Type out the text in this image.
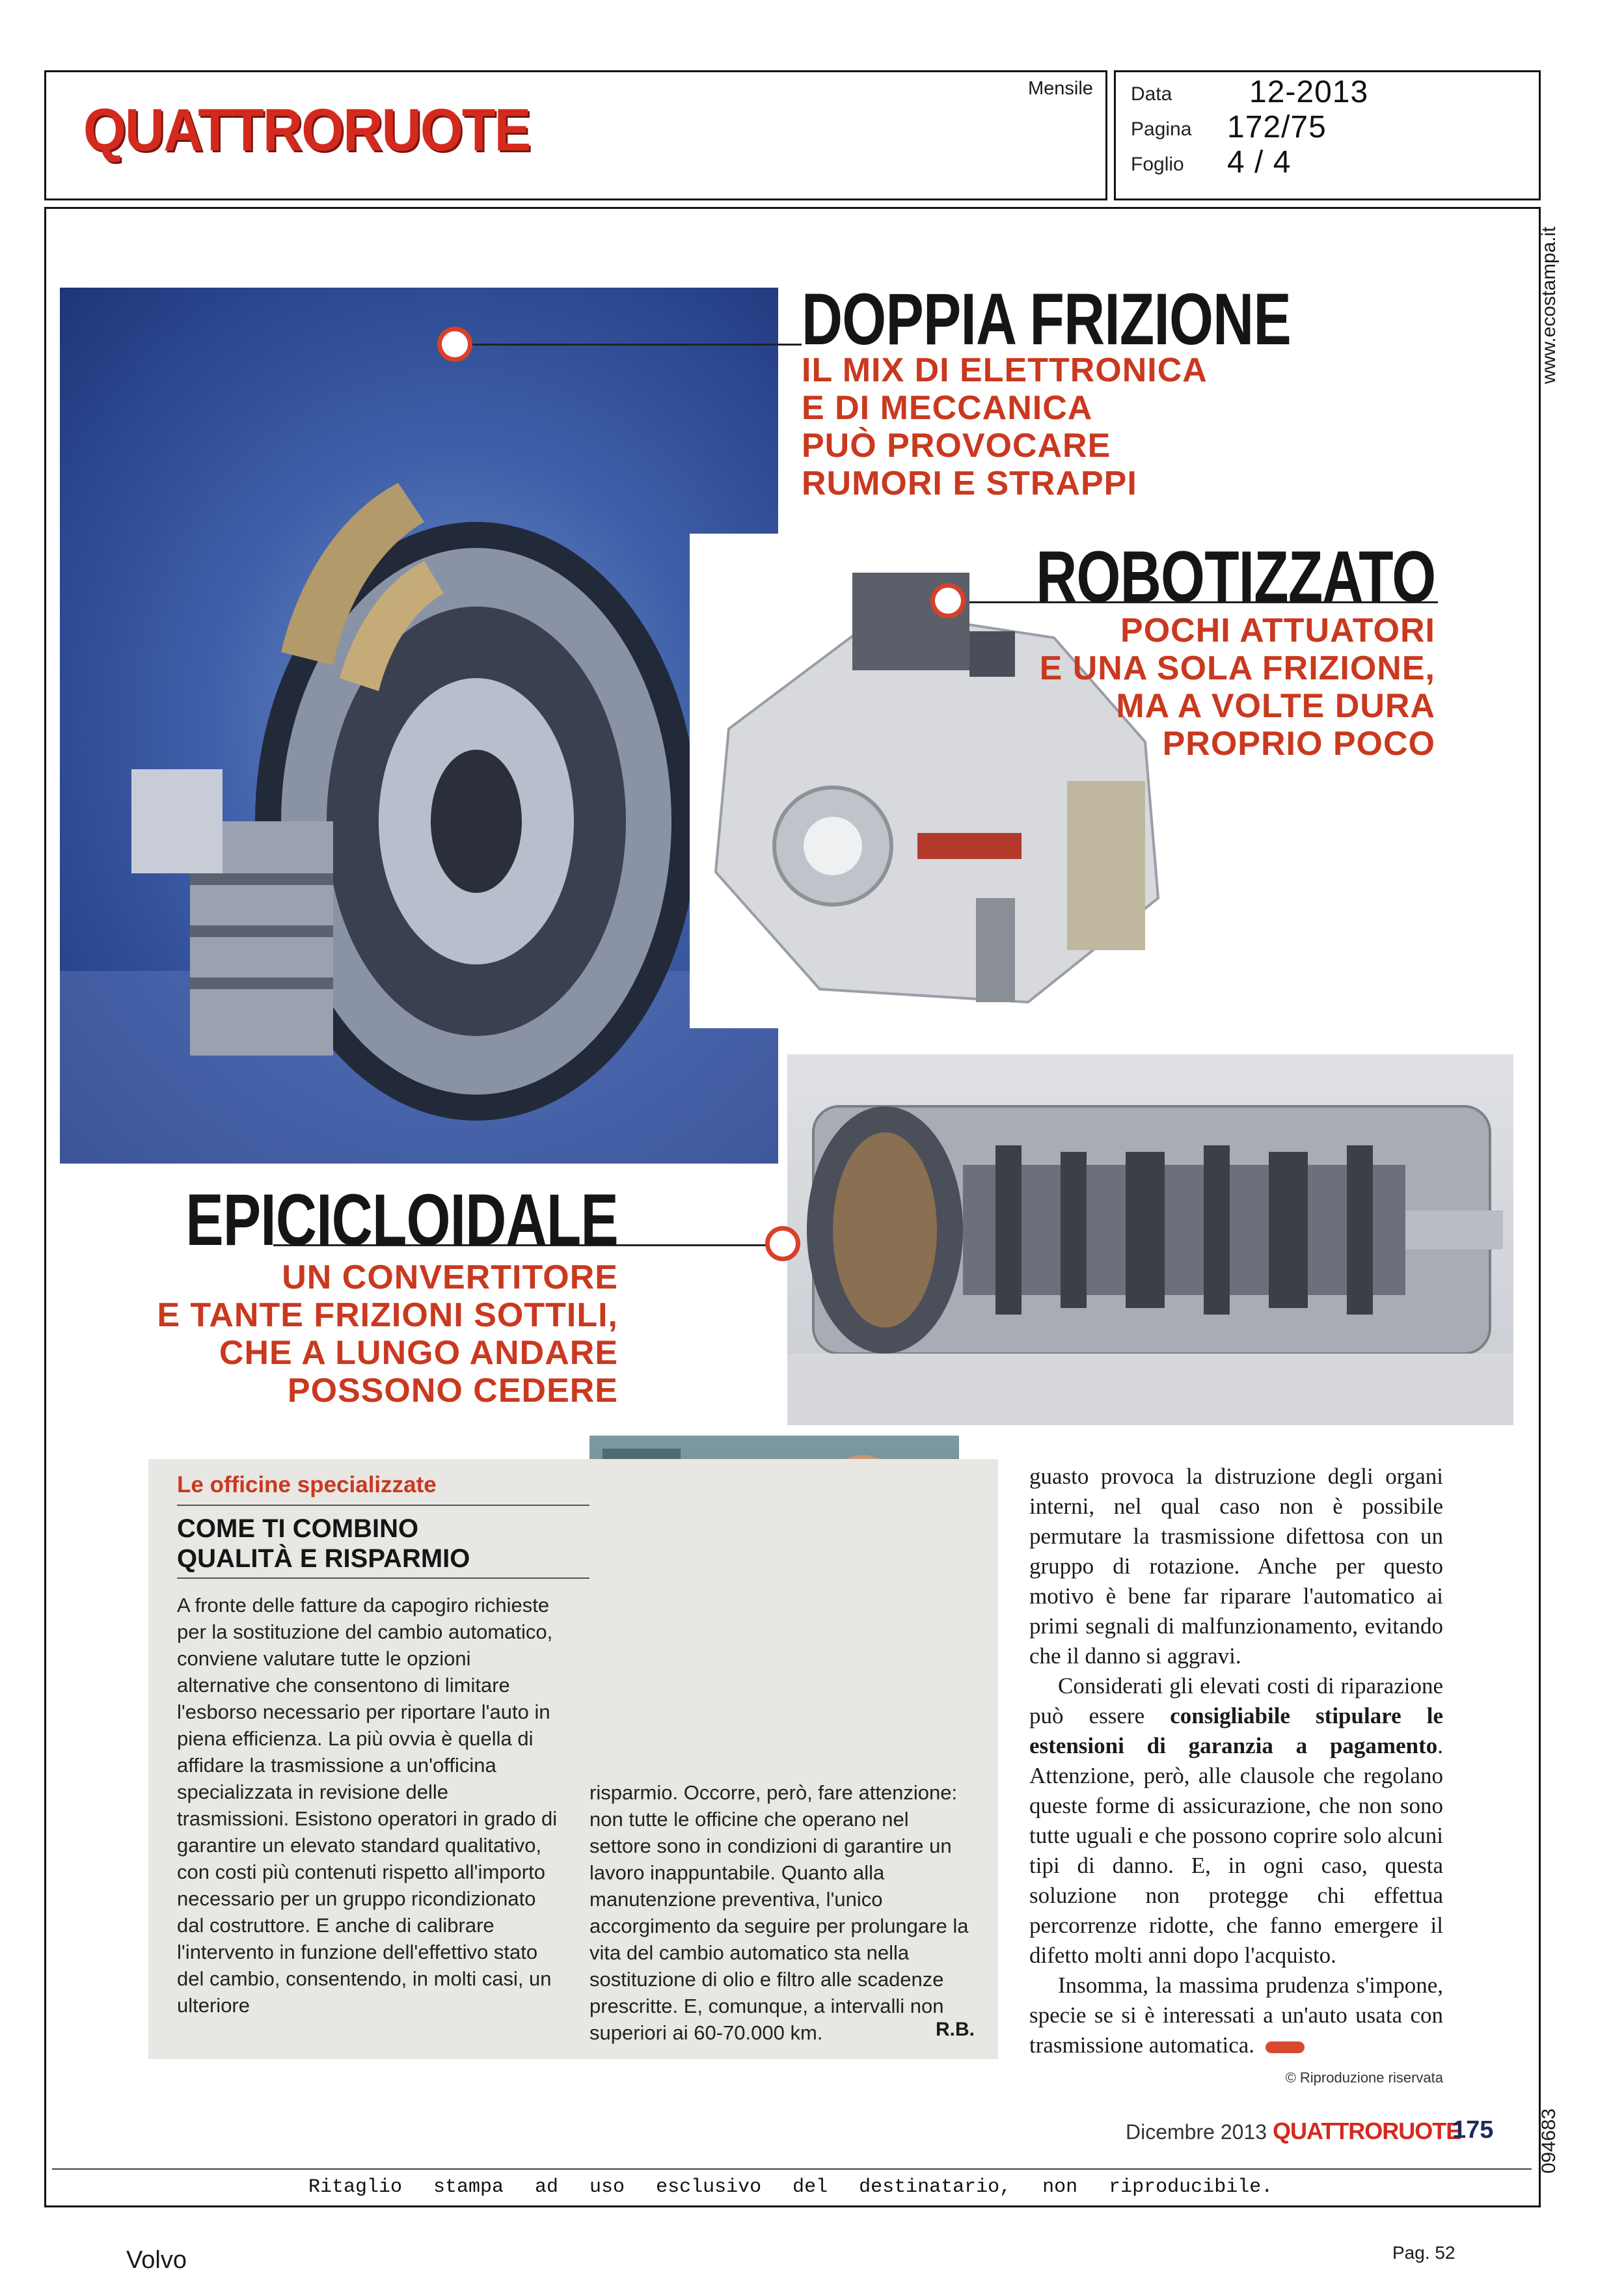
QUATTRORUOTE
Mensile Data 12-2013
Pagina 172/75
Foglio 4 / 4
www.ecostampa.it
094683
DOPPIA FRIZIONE
IL MIX DI ELETTRONICA
E DI MECCANICA
PUÒ PROVOCARE
RUMORI E STRAPPI
ROBOTIZZATO
POCHI ATTUATORI
E UNA SOLA FRIZIONE,
MA A VOLTE DURA
PROPRIO POCO
EPICICLOIDALE
UN CONVERTITORE
E TANTE FRIZIONI SOTTILI,
CHE A LUNGO ANDARE
POSSONO CEDERE
Le officine specializzate
COME TI COMBINO
QUALITÀ E RISPARMIO
A fronte delle fatture da capogiro richieste per la sostituzione del cambio automatico, conviene valutare tutte le opzioni alternative che consentono di limitare l'esborso necessario per riportare l'auto in piena efficienza. La più ovvia è quella di affidare la trasmissione a un'officina specializzata in revisione delle trasmissioni. Esistono operatori in grado di garantire un elevato standard qualitativo, con costi più contenuti rispetto all'importo necessario per un gruppo ricondizionato dal costruttore. E anche di calibrare l'intervento in funzione dell'effettivo stato del cambio, consentendo, in molti casi, un ulteriore
risparmio. Occorre, però, fare attenzione: non tutte le officine che operano nel settore sono in condizioni di garantire un lavoro inappuntabile. Quanto alla manutenzione preventiva, l'unico accorgimento da seguire per prolungare la vita del cambio automatico sta nella sostituzione di olio e filtro alle scadenze prescritte. E, comunque, a intervalli non superiori ai 60-70.000 km.	R.B.

guasto provoca la distruzione degli organi interni, nel qual caso non è possibile permutare la trasmissione difettosa con un gruppo di rotazione. Anche per questo motivo è bene far riparare l'automatico ai primi segnali di malfunzionamento, evitando che il danno si aggravi.

Considerati gli elevati costi di riparazione può essere consigliabile stipulare le estensioni di garanzia a pagamento. Attenzione, però, alle clausole che regolano queste forme di assicurazione, che non sono tutte uguali e che possono coprire solo alcuni tipi di danno. E, in ogni caso, questa soluzione non protegge chi effettua percorrenze ridotte, che fanno emergere il difetto molti anni dopo l'acquisto.

Insomma, la massima prudenza s'impone, specie se si è interessati a un'auto usata con trasmissione automatica.

© Riproduzione riservata
Dicembre 2013 QUATTRORUOTE
175
Ritaglio stampa ad uso esclusivo del destinatario, non riproducibile.
Volvo	Pag. 52
